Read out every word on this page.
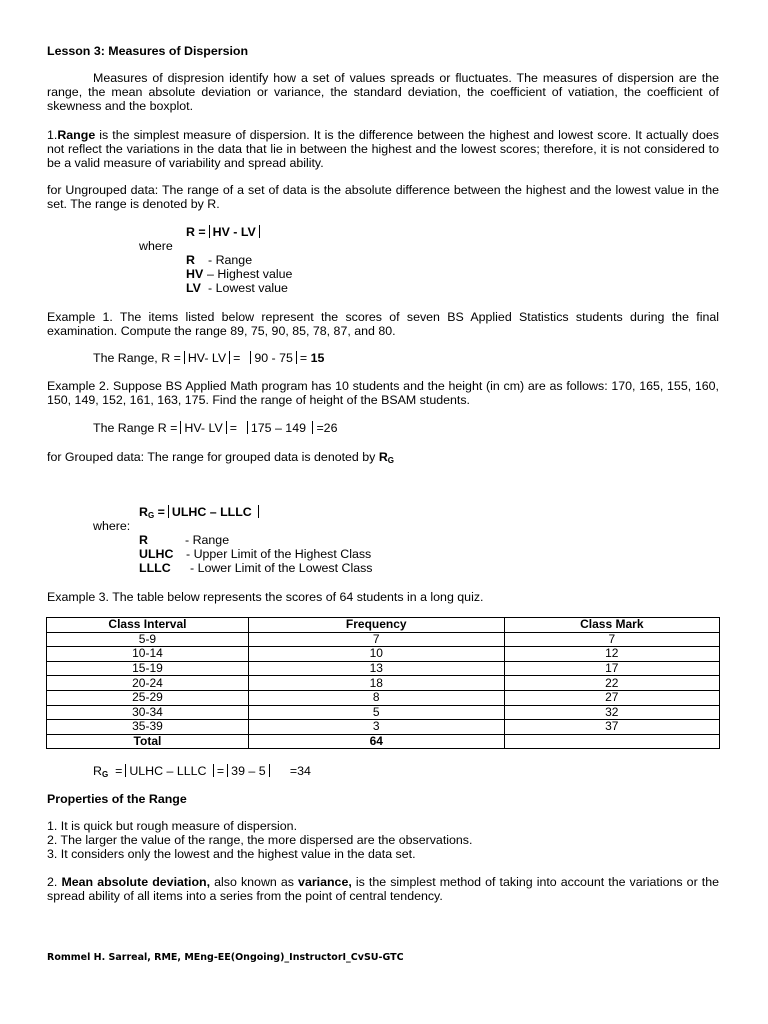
Lesson 3: Measures of Dispersion
Measures of dispresion identify how a set of values spreads or fluctuates. The measures of dispersion are the range, the mean absolute deviation or variance, the standard deviation, the coefficient of vatiation, the coefficient of skewness and the boxplot.
1.Range is the simplest measure of dispersion. It is the difference between the highest and lowest score. It actually does not reflect the variations in the data that lie in between the highest and the lowest scores; therefore, it is not considered to be a valid measure of variability and spread ability.
for Ungrouped data: The range of a set of data is the absolute difference between the highest and the lowest value in the set. The range is denoted by R.
R = HV - LV
where
R - Range
HV – Highest value
LV - Lowest value
Example 1. The items listed below represent the scores of seven BS Applied Statistics students during the final examination. Compute the range 89, 75, 90, 85, 78, 87, and 80.
The Range, R = HV- LV = 90 - 75 = 15
Example 2. Suppose BS Applied Math program has 10 students and the height (in cm) are as follows: 170, 165, 155, 160, 150, 149, 152, 161, 163, 175. Find the range of height of the BSAM students.
The Range R = HV- LV = 175 – 149 =26
for Grouped data: The range for grouped data is denoted by $R_G$
$R_G$ = ULHC – LLLC
where:
R	- Range
ULHC - Upper Limit of the Highest Class
LLLC - Lower Limit of the Lowest Class
Example 3. The table below represents the scores of 64 students in a long quiz.
Class Interval	Frequency	Class Mark
5-9	7	7
10-14	10	12
15-19	13	17
20-24	18	22
25-29	8	27
30-34	5	32
35-39	3	37
Total	64	
$R_G$ = ULHC – LLLC = 39 – 5 =34
Properties of the Range
1. It is quick but rough measure of dispersion.
2. The larger the value of the range, the more dispersed are the observations.
3. It considers only the lowest and the highest value in the data set.
2. Mean absolute deviation, also known as variance, is the simplest method of taking into account the variations or the spread ability of all items into a series from the point of central tendency.
Rommel H. Sarreal, RME, MEng-EE(Ongoing)_InstructorI_CvSU-GTC
